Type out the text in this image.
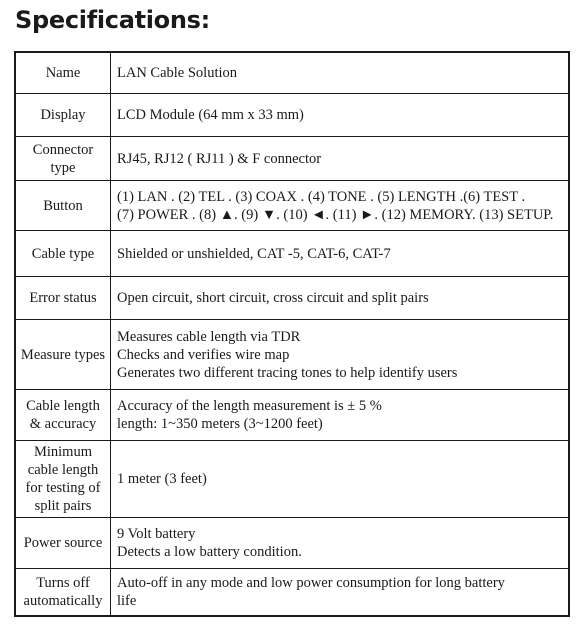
Specifications:
Name	LAN Cable Solution

Display	LCD Module (64 mm x 33 mm)

Connector type	RJ45, RJ12 ( RJ11 ) & F connector

Button	(1) LAN . (2) TEL . (3) COAX . (4) TONE . (5) LENGTH .(6) TEST .
(7) POWER . (8) ▲. (9) ▼. (10) ◄. (11) ►. (12) MEMORY. (13) SETUP.

Cable type	Shielded or unshielded, CAT -5, CAT-6, CAT-7

Error status	Open circuit, short circuit, cross circuit and split pairs

Measure types	Measures cable length via TDR
Checks and verifies wire map
Generates two different tracing tones to help identify users

Cable length & accuracy	Accuracy of the length measurement is ± 5 %
length: 1~350 meters (3~1200 feet)

Minimum cable length for testing of split pairs	1 meter (3 feet)

Power source	9 Volt battery
Detects a low battery condition.

Turns off automatically	Auto-off in any mode and low power consumption for long battery
life
